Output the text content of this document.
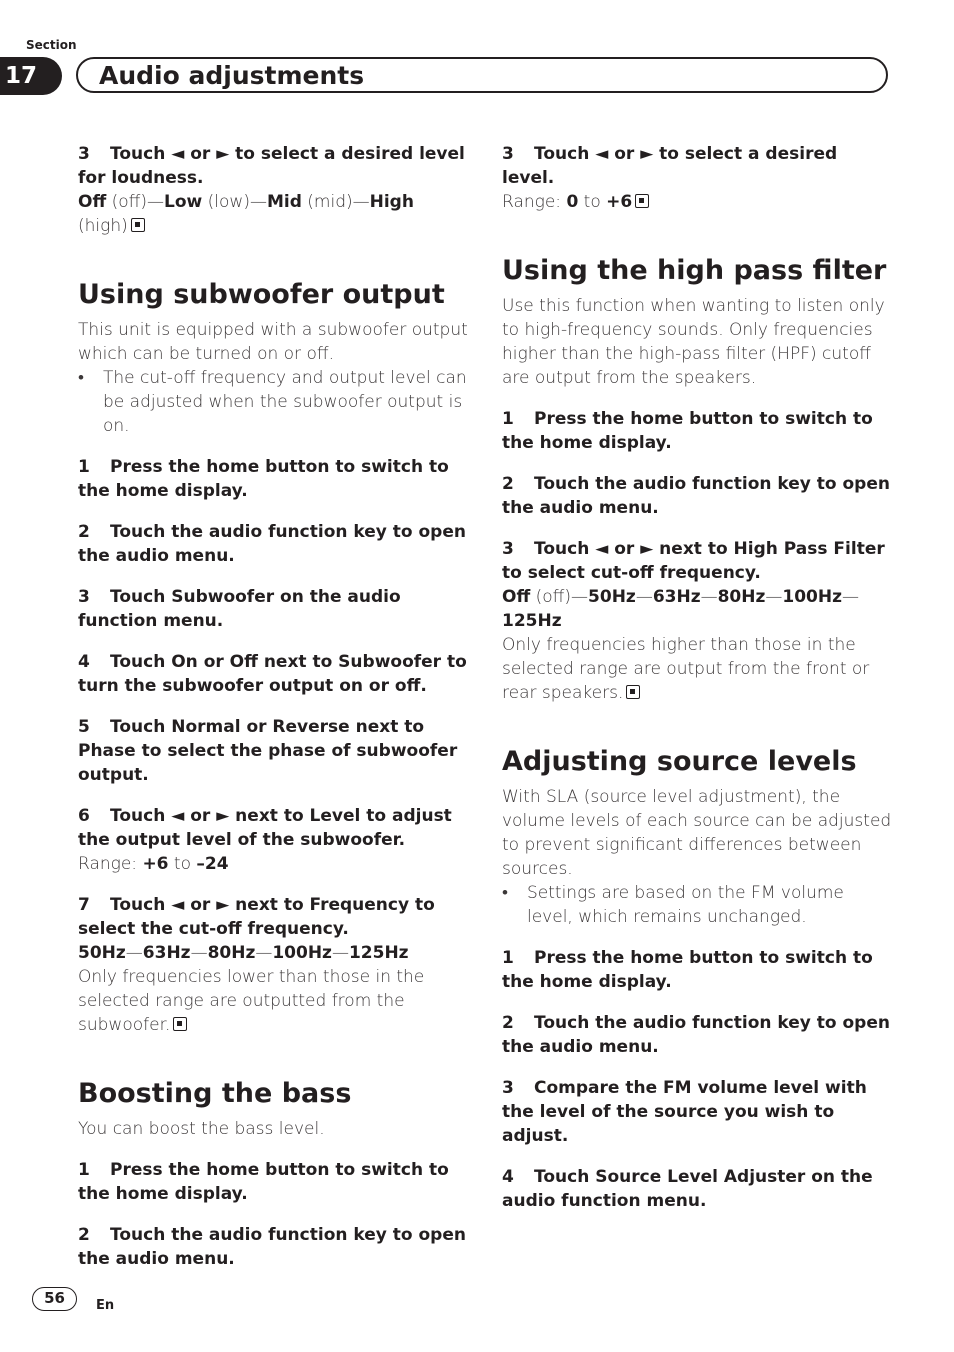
Section
17	Audio adjustments

3 Touch ◄ or ► to select a desired level for loudness.

Off (off)—Low (low)—Mid (mid)—High
(high)

Using subwoofer output

This unit is equipped with a subwoofer output which can be turned on or off.

• The cut-off frequency and output level can be adjusted when the subwoofer output is on.

1 Press the home button to switch to the home display.

2 Touch the audio function key to open the audio menu.

3 Touch Subwoofer on the audio function menu.

4 Touch On or Off next to Subwoofer to turn the subwoofer output on or off.

5 Touch Normal or Reverse next to Phase to select the phase of subwoofer output.

6 Touch ◄ or ► next to Level to adjust the output level of the subwoofer.

Range: +6 to –24

7 Touch ◄ or ► next to Frequency to select the cut-off frequency.

50Hz—63Hz—80Hz—100Hz—125Hz

Only frequencies lower than those in the selected range are outputted from the subwoofer.

Boosting the bass

You can boost the bass level.

1 Press the home button to switch to the home display.

2 Touch the audio function key to open the audio menu.

3 Touch ◄ or ► to select a desired level.

Range: 0 to +6

Using the high pass filter

Use this function when wanting to listen only to high-frequency sounds. Only frequencies higher than the high-pass filter (HPF) cutoff are output from the speakers.

1 Press the home button to switch to the home display.

2 Touch the audio function key to open the audio menu.

3 Touch ◄ or ► next to High Pass Filter to select cut-off frequency.

Off (off)—50Hz—63Hz—80Hz—100Hz—
125Hz

Only frequencies higher than those in the selected range are output from the front or rear speakers.

Adjusting source levels

With SLA (source level adjustment), the volume levels of each source can be adjusted to prevent significant differences between sources.

• Settings are based on the FM volume level, which remains unchanged.

1 Press the home button to switch to the home display.

2 Touch the audio function key to open the audio menu.

3 Compare the FM volume level with the level of the source you wish to adjust.

4 Touch Source Level Adjuster on the audio function menu.

56	En
